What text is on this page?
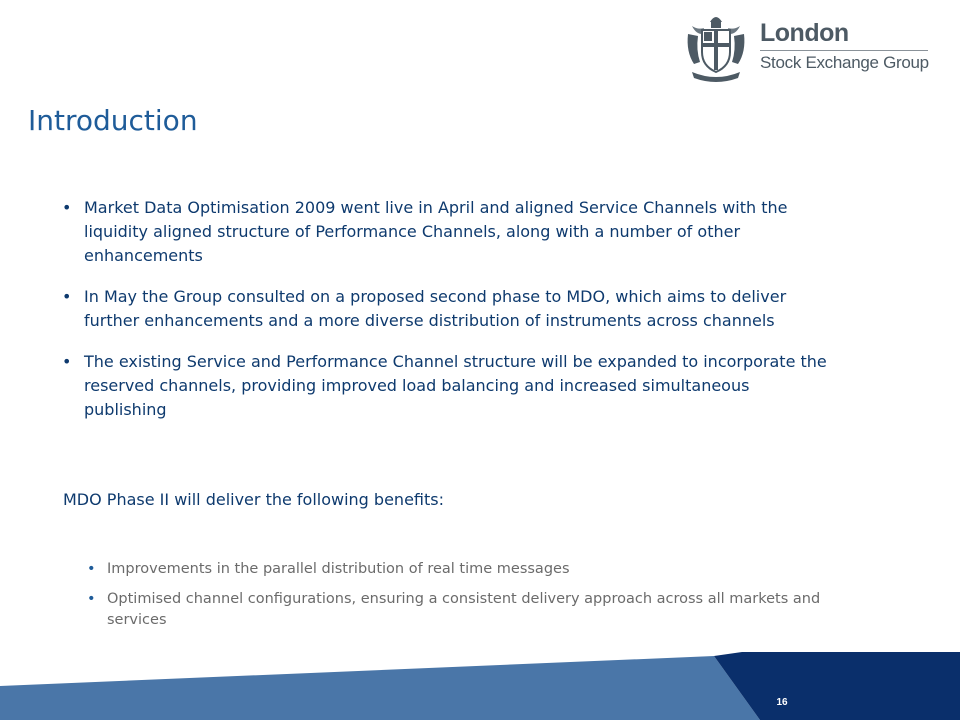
London
Stock Exchange Group
Introduction
• Market Data Optimisation 2009 went live in April and aligned Service Channels with the liquidity aligned structure of Performance Channels, along with a number of other enhancements
• In May the Group consulted on a proposed second phase to MDO, which aims to deliver further enhancements and a more diverse distribution of instruments across channels
• The existing Service and Performance Channel structure will be expanded to incorporate the reserved channels, providing improved load balancing and increased simultaneous publishing

MDO Phase II will deliver the following benefits:

• Improvements in the parallel distribution of real time messages
• Optimised channel configurations, ensuring a consistent delivery approach across all markets and services
16
